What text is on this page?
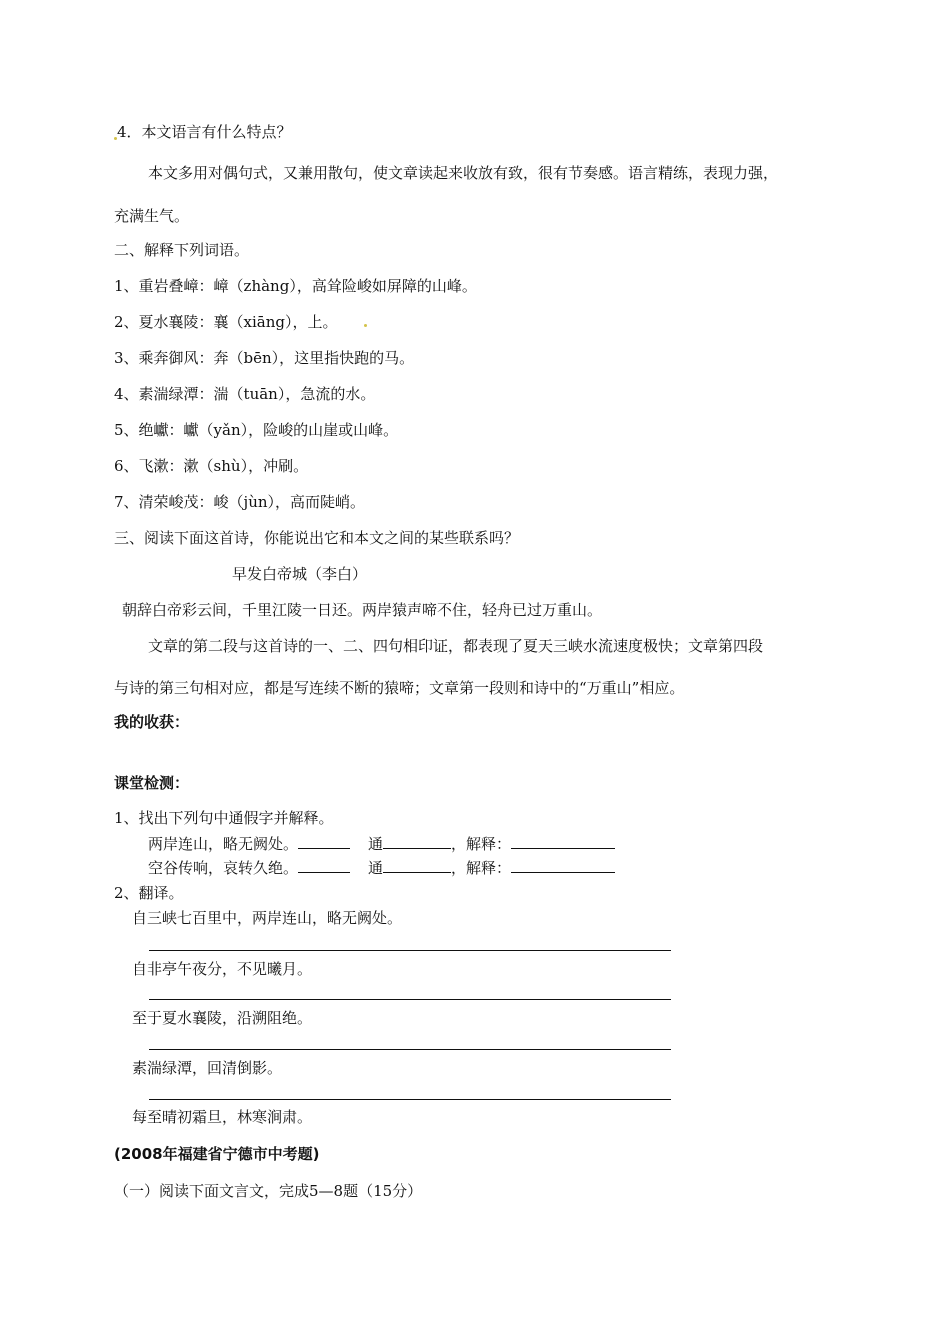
4．本文语言有什么特点？
本文多用对偶句式，又兼用散句，使文章读起来收放有致，很有节奏感。语言精练，表现力强，
充满生气。
二、解释下列词语。
1、重岩叠嶂：嶂（zhàng），高耸险峻如屏障的山峰。
2、夏水襄陵：襄（xiāng），上。
3、乘奔御风：奔（bēn），这里指快跑的马。
4、素湍绿潭：湍（tuān），急流的水。
5、绝巘：巘（yǎn），险峻的山崖或山峰。
6、飞漱：漱（shù），冲刷。
7、清荣峻茂：峻（jùn），高而陡峭。
三、阅读下面这首诗，你能说出它和本文之间的某些联系吗？
早发白帝城（李白）
朝辞白帝彩云间，千里江陵一日还。两岸猿声啼不住，轻舟已过万重山。
文章的第二段与这首诗的一、二、四句相印证，都表现了夏天三峡水流速度极快；文章第四段
与诗的第三句相对应，都是写连续不断的猿啼；文章第一段则和诗中的“万重山”相应。
我的收获：
课堂检测：
1、找出下列句中通假字并解释。
两岸连山，略无阙处。	通	，解释：
空谷传响，哀转久绝。	通	，解释：
2、翻译。
自三峡七百里中，两岸连山，略无阙处。
自非亭午夜分，不见曦月。
至于夏水襄陵，沿溯阻绝。
素湍绿潭，回清倒影。
每至晴初霜旦，林寒涧肃。
(2008年福建省宁德市中考题)
（一）阅读下面文言文，完成5—8题（15分）
